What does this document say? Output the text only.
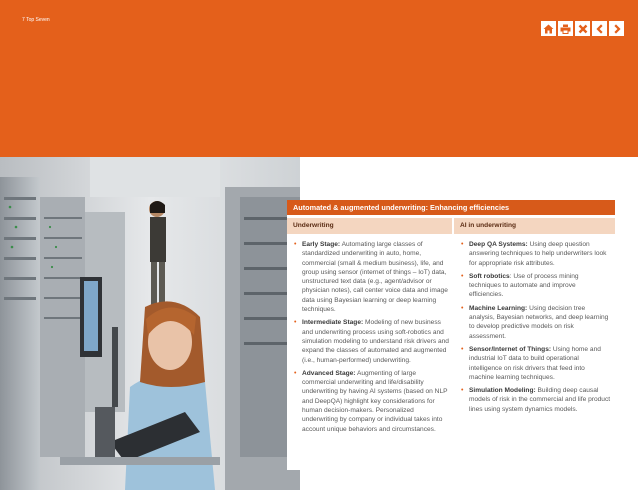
7 Top Seven
Automated & augmented underwriting: Enhancing efficiencies
Underwriting	AI in underwriting
• Early Stage: Automating large classes of standardized underwriting in auto, home, commercial (small & medium business), life, and group using sensor (internet of things – IoT) data, unstructured text data (e.g., agent/advisor or physician notes), call center voice data and image data using Bayesian learning or deep learning techniques.
• Intermediate Stage: Modeling of new business and underwriting process using soft-robotics and simulation modeling to understand risk drivers and expand the classes of automated and augmented (i.e., human-performed) underwriting.
• Advanced Stage: Augmenting of large commercial underwriting and life/disability underwriting by having AI systems (based on NLP and DeepQA) highlight key considerations for human decision-makers. Personalized underwriting by company or individual takes into account unique behaviors and circumstances.
• Deep QA Systems: Using deep question answering techniques to help underwriters look for appropriate risk attributes.
• Soft robotics: Use of process mining techniques to automate and improve efficiencies.
• Machine Learning: Using decision tree analysis, Bayesian networks, and deep learning to develop predictive models on risk assessment.
• Sensor/Internet of Things: Using home and industrial IoT data to build operational intelligence on risk drivers that feed into machine learning techniques.
• Simulation Modeling: Building deep causal models of risk in the commercial and life product lines using system dynamics models.
